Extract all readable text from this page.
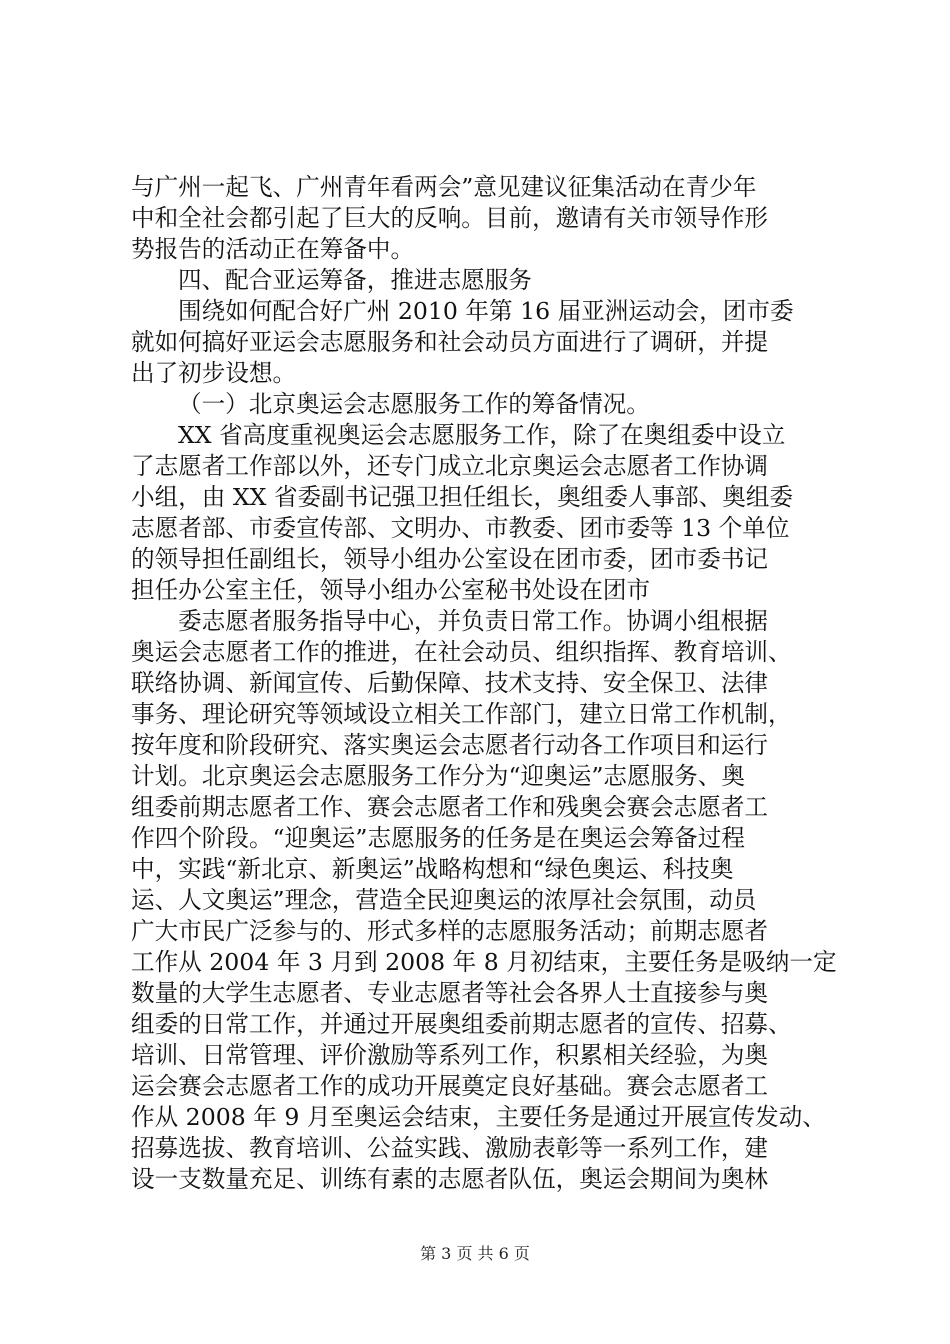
与广州一起飞、广州青年看两会”意见建议征集活动在青少年
中和全社会都引起了巨大的反响。目前，邀请有关市领导作形
势报告的活动正在筹备中。
四、配合亚运筹备，推进志愿服务
围绕如何配合好广州 2010 年第 16 届亚洲运动会，团市委
就如何搞好亚运会志愿服务和社会动员方面进行了调研，并提
出了初步设想。
（一）北京奥运会志愿服务工作的筹备情况。
XX 省高度重视奥运会志愿服务工作，除了在奥组委中设立
了志愿者工作部以外，还专门成立北京奥运会志愿者工作协调
小组，由 XX 省委副书记强卫担任组长，奥组委人事部、奥组委
志愿者部、市委宣传部、文明办、市教委、团市委等 13 个单位
的领导担任副组长，领导小组办公室设在团市委，团市委书记
担任办公室主任，领导小组办公室秘书处设在团市
委志愿者服务指导中心，并负责日常工作。协调小组根据
奥运会志愿者工作的推进，在社会动员、组织指挥、教育培训、
联络协调、新闻宣传、后勤保障、技术支持、安全保卫、法律
事务、理论研究等领域设立相关工作部门，建立日常工作机制，
按年度和阶段研究、落实奥运会志愿者行动各工作项目和运行
计划。北京奥运会志愿服务工作分为“迎奥运”志愿服务、奥
组委前期志愿者工作、赛会志愿者工作和残奥会赛会志愿者工
作四个阶段。“迎奥运”志愿服务的任务是在奥运会筹备过程
中，实践“新北京、新奥运”战略构想和“绿色奥运、科技奥
运、人文奥运”理念，营造全民迎奥运的浓厚社会氛围，动员
广大市民广泛参与的、形式多样的志愿服务活动；前期志愿者
工作从 2004 年 3 月到 2008 年 8 月初结束，主要任务是吸纳一定
数量的大学生志愿者、专业志愿者等社会各界人士直接参与奥
组委的日常工作，并通过开展奥组委前期志愿者的宣传、招募、
培训、日常管理、评价激励等系列工作，积累相关经验，为奥
运会赛会志愿者工作的成功开展奠定良好基础。赛会志愿者工
作从 2008 年 9 月至奥运会结束，主要任务是通过开展宣传发动、
招募选拔、教育培训、公益实践、激励表彰等一系列工作，建
设一支数量充足、训练有素的志愿者队伍，奥运会期间为奥林
第 3 页 共 6 页
